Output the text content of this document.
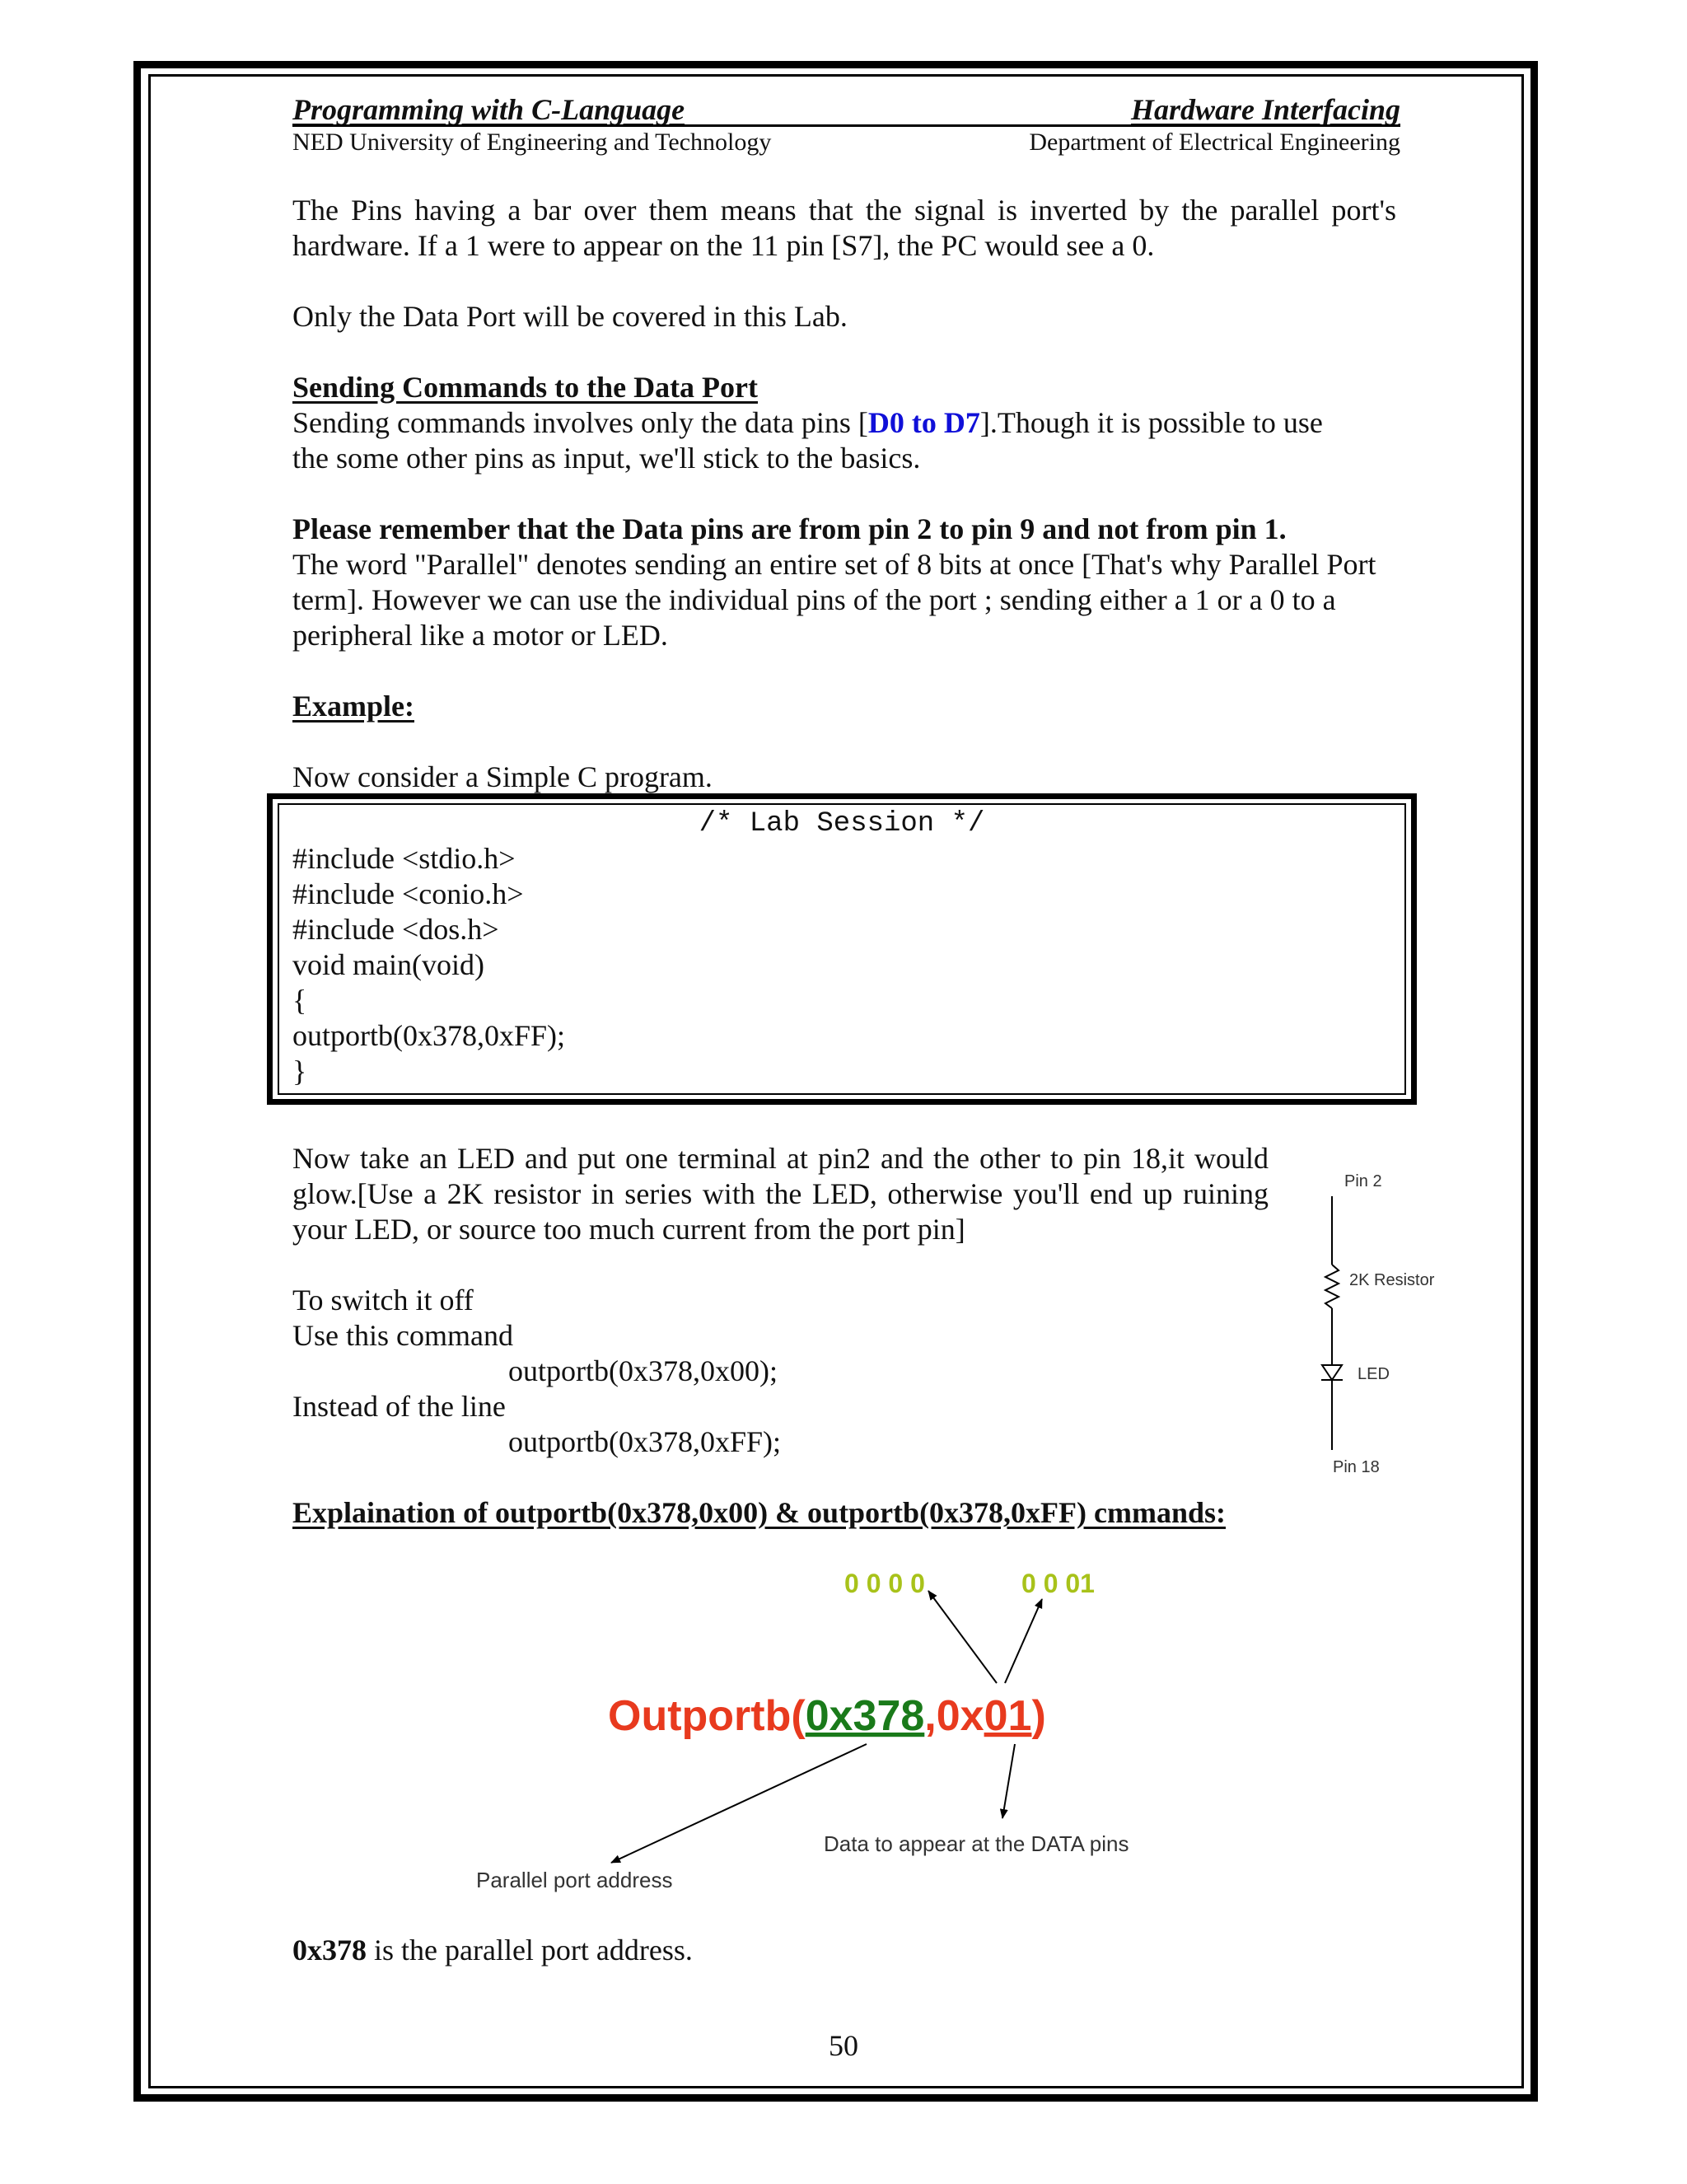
Programming with C-Language	Hardware Interfacing
NED University of Engineering and Technology	Department of Electrical Engineering
The Pins having a bar over them means that the signal is inverted by the parallel port's hardware. If a 1 were to appear on the 11 pin [S7], the PC would see a 0.
Only the Data Port will be covered in this Lab.
Sending Commands to the Data Port
Sending commands involves only the data pins [D0 to D7].Though it is possible to use
the some other pins as input, we'll stick to the basics.
Please remember that the Data pins are from pin 2 to pin 9 and not from pin 1.
The word "Parallel" denotes sending an entire set of 8 bits at once [That's why Parallel Port term]. However we can use the individual pins of the port ; sending either a 1 or a 0 to a peripheral like a motor or LED.
Example:
Now consider a Simple C program.
/* Lab Session */
#include <stdio.h>
#include <conio.h>
#include <dos.h>
void main(void)
{
outportb(0x378,0xFF);
}
Now take an LED and put one terminal at pin2 and the other to pin 18,it would glow.[Use a 2K resistor in series with the LED, otherwise you'll end up ruining your LED, or source too much current from the port pin]
To switch it off
Use this command
outportb(0x378,0x00);
Instead of the line
outportb(0x378,0xFF);
Pin 2
2K Resistor
LED
Pin 18
Explaination of outportb(0x378,0x00) & outportb(0x378,0xFF) cmmands:
0 0 0 0	0 0 01
Outportb(0x378,0x01)
Data to appear at the DATA pins
Parallel port address
0x378 is the parallel port address.
50
